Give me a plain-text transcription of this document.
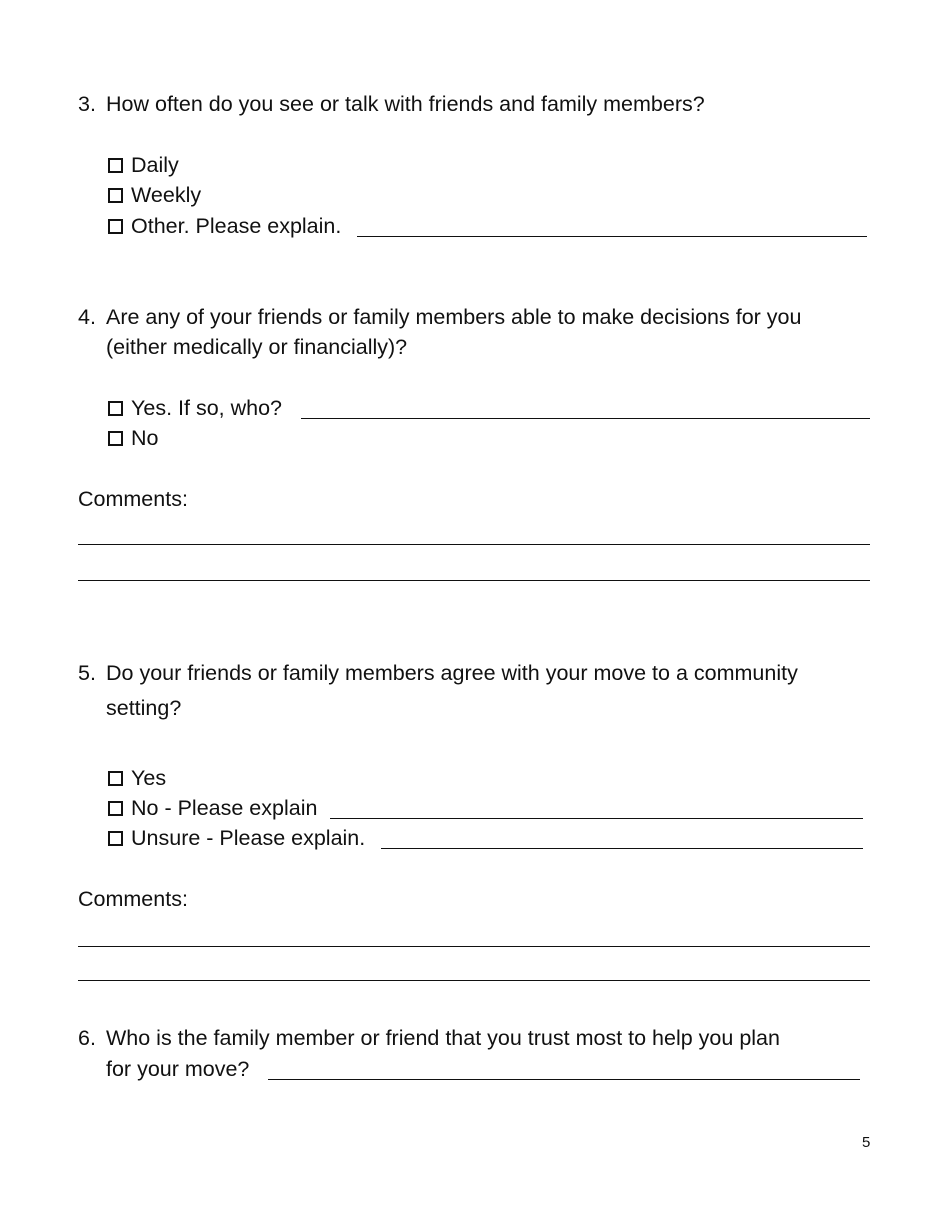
3. How often do you see or talk with friends and family members?
Daily
Weekly
Other. Please explain.
4. Are any of your friends or family members able to make decisions for you
(either medically or financially)?
Yes. If so, who?
No
Comments:
5. Do your friends or family members agree with your move to a community
setting?
Yes
No - Please explain
Unsure - Please explain.
Comments:
6. Who is the family member or friend that you trust most to help you plan
for your move?
5
